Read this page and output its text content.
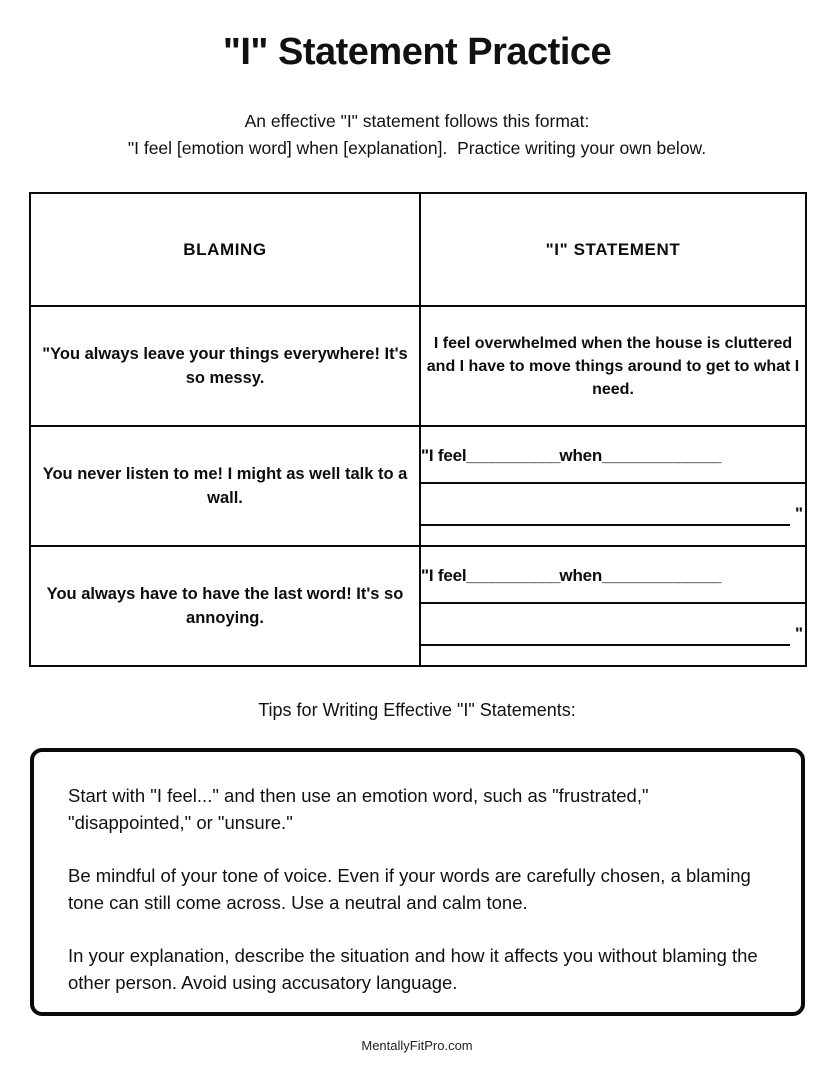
"I" Statement Practice
An effective "I" statement follows this format:
"I feel [emotion word] when [explanation].  Practice writing your own below.
BLAMING	"I" STATEMENT
"You always leave your things everywhere! It's so messy.	I feel overwhelmed when the house is cluttered and I have to move things around to get to what I need.
You never listen to me! I might as well talk to a wall.	"I feel___________when______________
"

You always have to have the last word! It's so annoying.	"I feel___________when______________
"
Tips for Writing Effective "I" Statements:

Start with "I feel..." and then use an emotion word, such as "frustrated," "disappointed," or "unsure."

Be mindful of your tone of voice. Even if your words are carefully chosen, a blaming tone can still come across. Use a neutral and calm tone.

In your explanation, describe the situation and how it affects you without blaming the other person. Avoid using accusatory language.

MentallyFitPro.com
